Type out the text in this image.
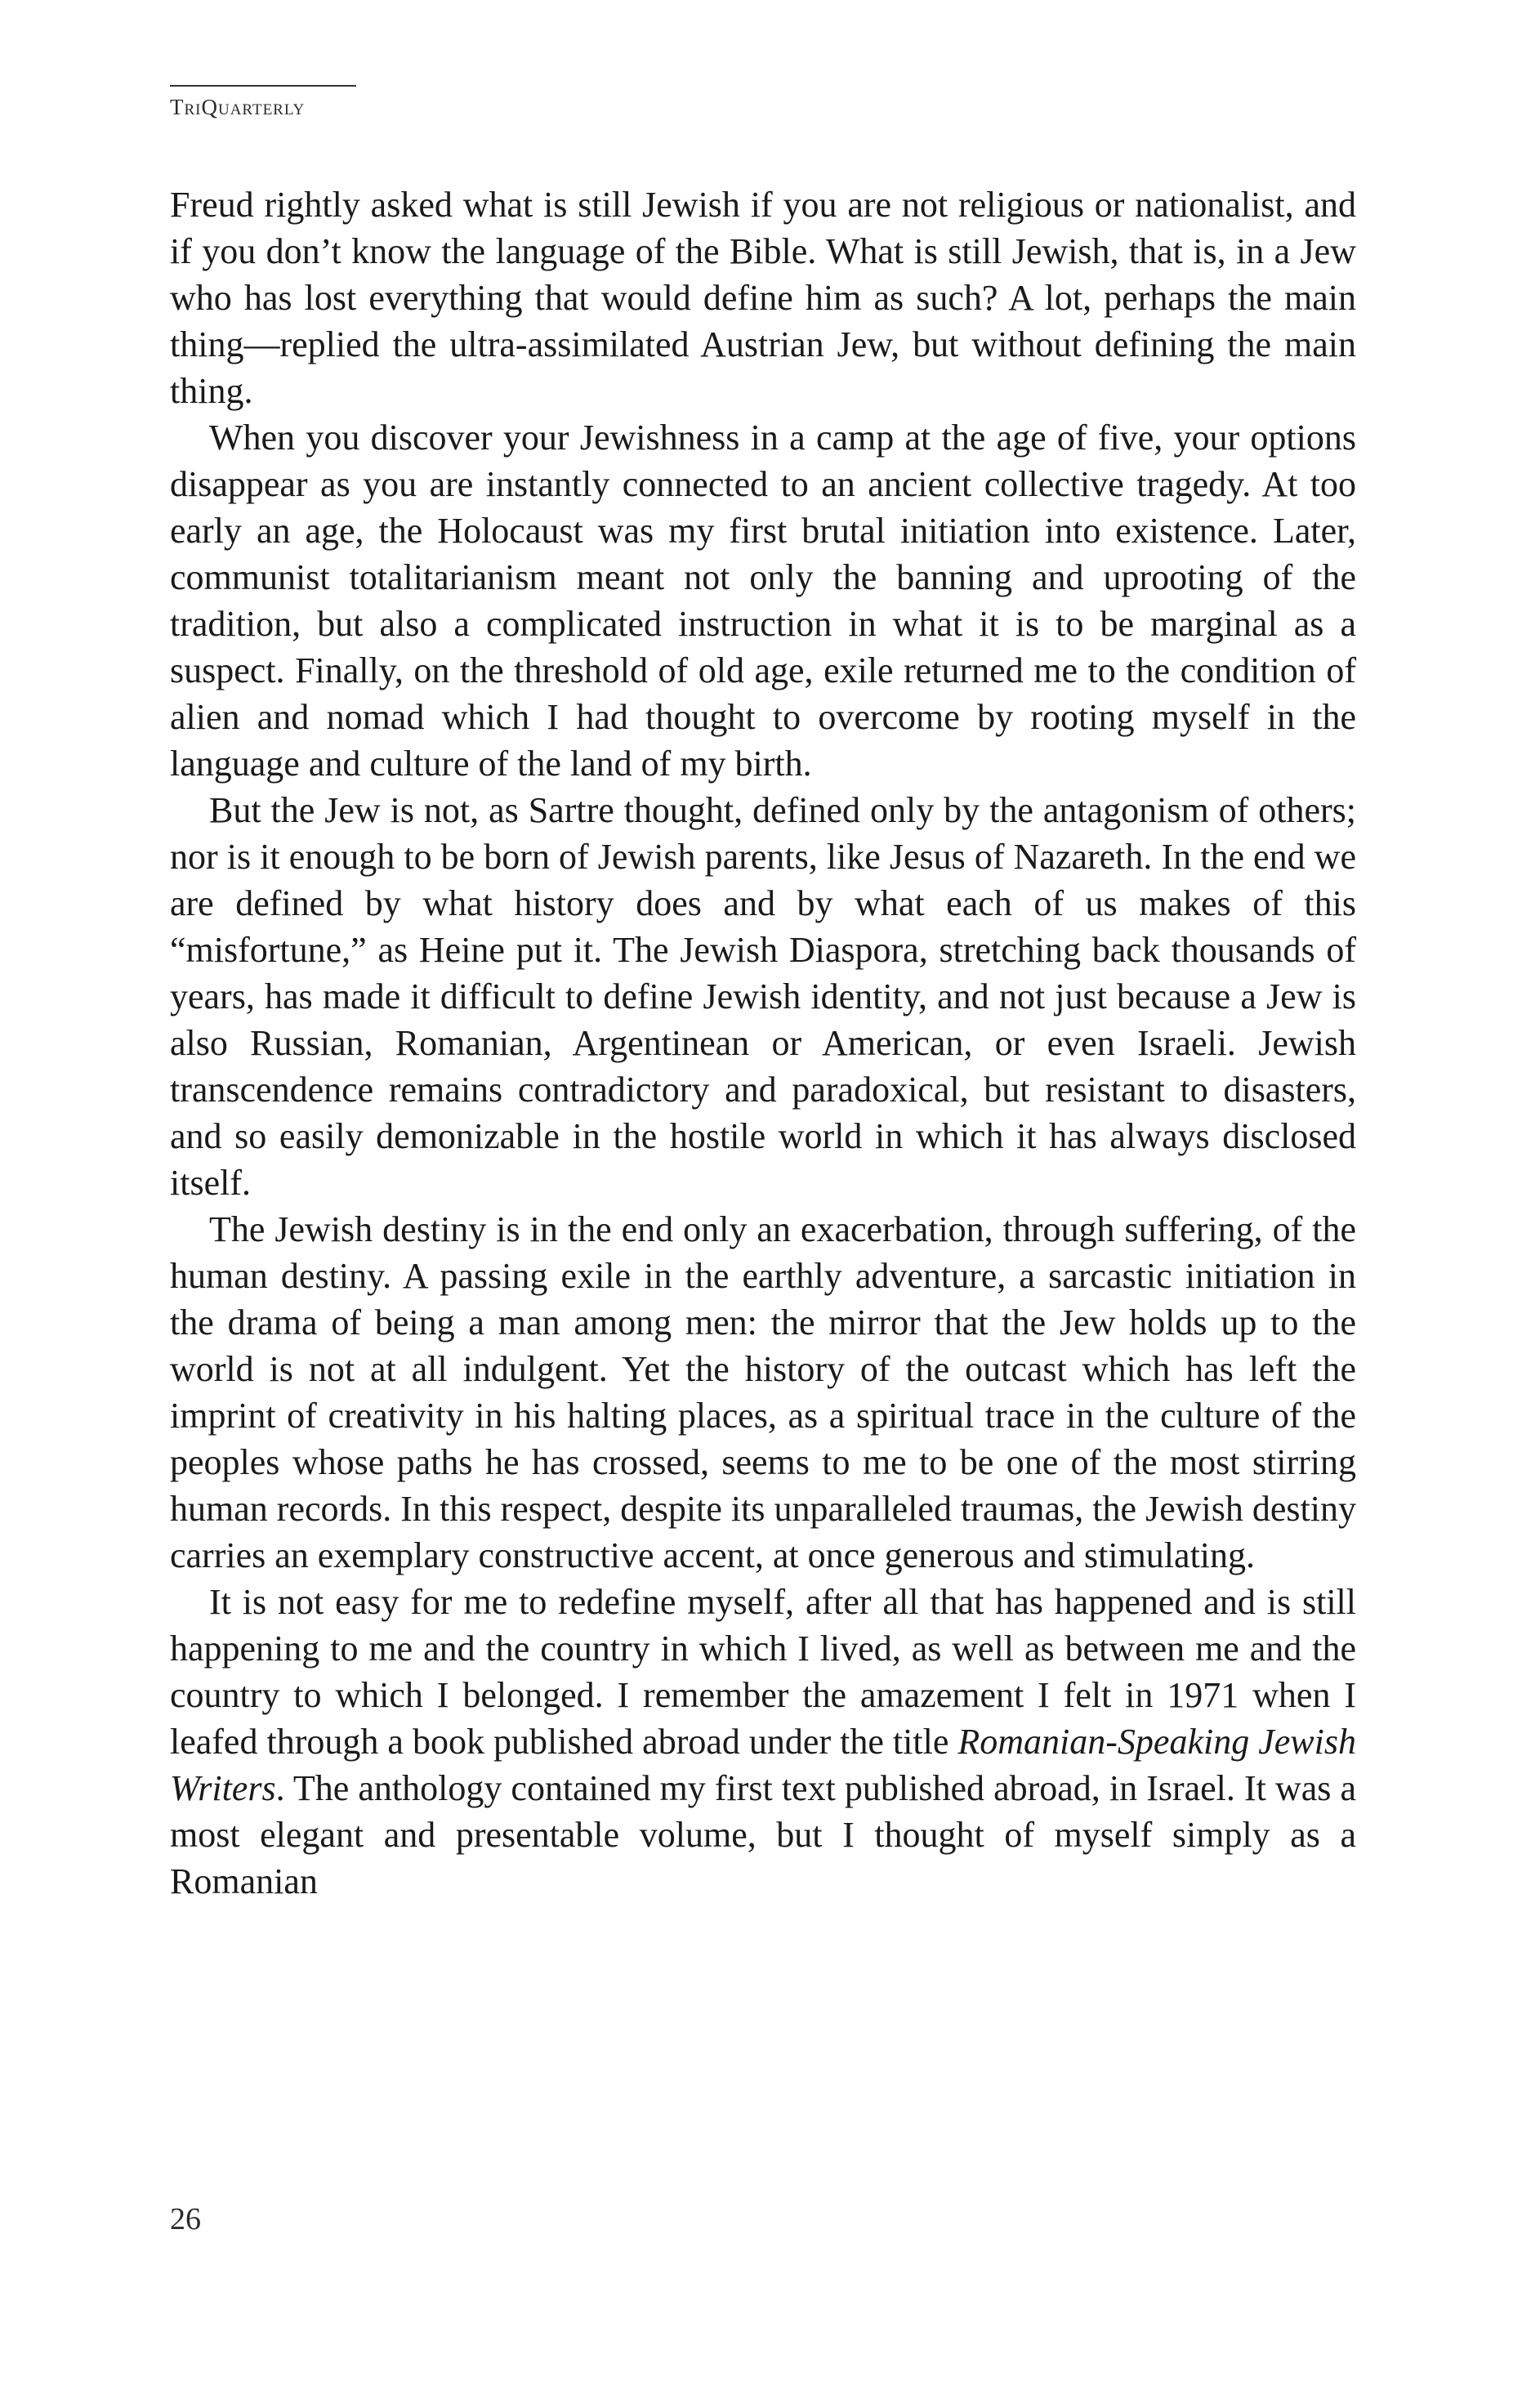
TriQuarterly

Freud rightly asked what is still Jewish if you are not religious or nationalist, and if you don’t know the language of the Bible. What is still Jewish, that is, in a Jew who has lost everything that would define him as such? A lot, perhaps the main thing—replied the ultra-assimilated Austrian Jew, but without defining the main thing.

When you discover your Jewishness in a camp at the age of five, your options disappear as you are instantly connected to an ancient collective tragedy. At too early an age, the Holocaust was my first brutal initiation into existence. Later, communist totalitarianism meant not only the banning and uprooting of the tradition, but also a complicated instruction in what it is to be marginal as a suspect. Finally, on the threshold of old age, exile returned me to the condition of alien and nomad which I had thought to overcome by rooting myself in the language and culture of the land of my birth.

But the Jew is not, as Sartre thought, defined only by the antagonism of others; nor is it enough to be born of Jewish parents, like Jesus of Nazareth. In the end we are defined by what history does and by what each of us makes of this “misfortune,” as Heine put it. The Jewish Diaspora, stretching back thousands of years, has made it difficult to define Jewish identity, and not just because a Jew is also Russian, Romanian, Argentinean or American, or even Israeli. Jewish transcendence remains contradictory and paradoxical, but resistant to disasters, and so easily demonizable in the hostile world in which it has always disclosed itself.

The Jewish destiny is in the end only an exacerbation, through suffering, of the human destiny. A passing exile in the earthly adventure, a sarcastic initiation in the drama of being a man among men: the mirror that the Jew holds up to the world is not at all indulgent. Yet the history of the outcast which has left the imprint of creativity in his halting places, as a spiritual trace in the culture of the peoples whose paths he has crossed, seems to me to be one of the most stirring human records. In this respect, despite its unparalleled traumas, the Jewish destiny carries an exemplary constructive accent, at once generous and stimulating.

It is not easy for me to redefine myself, after all that has happened and is still happening to me and the country in which I lived, as well as between me and the country to which I belonged. I remember the amazement I felt in 1971 when I leafed through a book published abroad under the title Romanian-Speaking Jewish Writers. The anthology contained my first text published abroad, in Israel. It was a most elegant and presentable volume, but I thought of myself simply as a Romanian

26
